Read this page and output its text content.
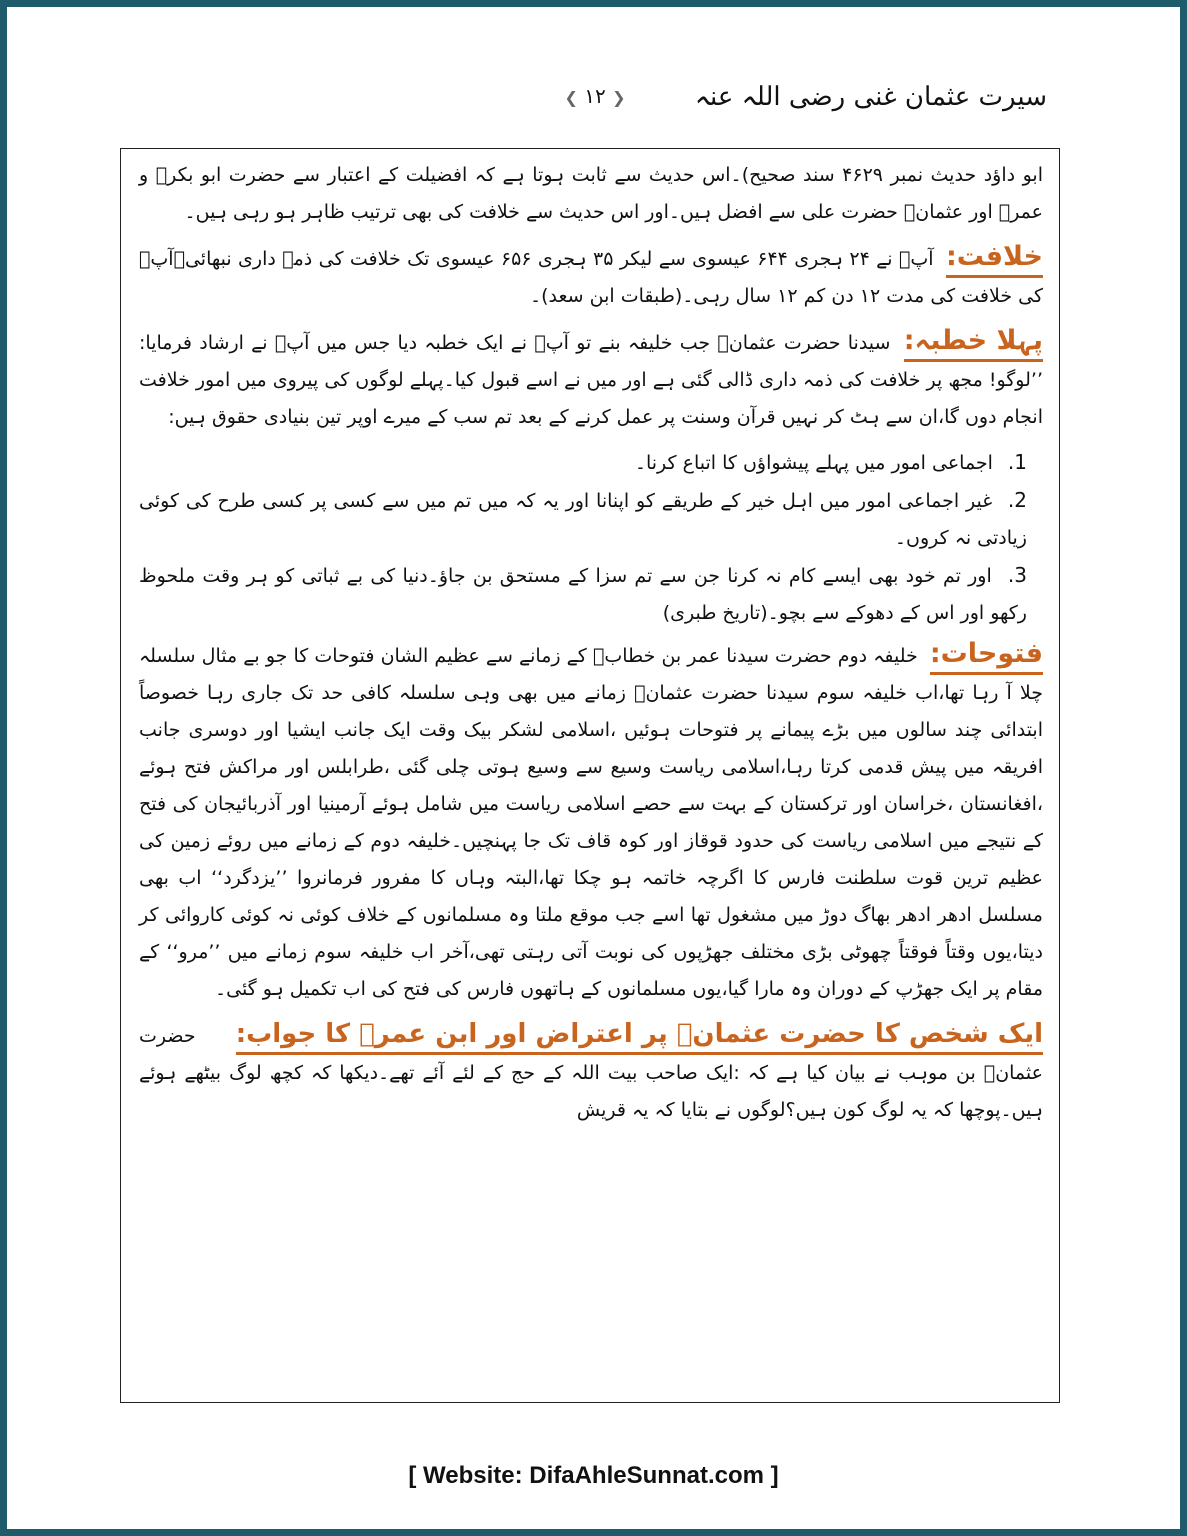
سیرت عثمان غنی رضی اللہ عنہ
❮ ۱۲ ❯

ابو داؤد حدیث نمبر ۴۶۲۹ سند صحیح)۔اس حدیث سے ثابت ہوتا ہے کہ افضیلت کے اعتبار سے حضرت ابو بکرؓ و عمرؓ اور عثمانؓ حضرت علی سے افضل ہیں۔اور اس حدیث سے خلافت کی بھی ترتیب ظاہر ہو رہی ہیں۔

خلافت: آپؓ نے ۲۴ ہجری ۶۴۴ عیسوی سے لیکر ۳۵ ہجری ۶۵۶ عیسوی تک خلافت کی ذمہ داری نبھائی۔آپؓ کی خلافت کی مدت ۱۲ دن کم ۱۲ سال رہی۔(طبقات ابن سعد)۔

پہلا خطبہ: سیدنا حضرت عثمانؓ جب خلیفہ بنے تو آپؓ نے ایک خطبہ دیا جس میں آپؓ نے ارشاد فرمایا: ’’لوگو! مجھ پر خلافت کی ذمہ داری ڈالی گئی ہے اور میں نے اسے قبول کیا۔پہلے لوگوں کی پیروی میں امور خلافت انجام دوں گا،ان سے ہٹ کر نہیں قرآن وسنت پر عمل کرنے کے بعد تم سب کے میرے اوپر تین بنیادی حقوق ہیں:

1. اجماعی امور میں پہلے پیشواؤں کا اتباع کرنا۔
2. غیر اجماعی امور میں اہل خیر کے طریقے کو اپنانا اور یہ کہ میں تم میں سے کسی پر کسی طرح کی کوئی زیادتی نہ کروں۔
3. اور تم خود بھی ایسے کام نہ کرنا جن سے تم سزا کے مستحق بن جاؤ۔دنیا کی بے ثباتی کو ہر وقت ملحوظ رکھو اور اس کے دھوکے سے بچو۔(تاریخ طبری)

فتوحات: خلیفہ دوم حضرت سیدنا عمر بن خطابؓ کے زمانے سے عظیم الشان فتوحات کا جو بے مثال سلسلہ چلا آ رہا تھا،اب خلیفہ سوم سیدنا حضرت عثمانؓ زمانے میں بھی وہی سلسلہ کافی حد تک جاری رہا خصوصاً ابتدائی چند سالوں میں بڑے پیمانے پر فتوحات ہوئیں ،اسلامی لشکر بیک وقت ایک جانب ایشیا اور دوسری جانب افریقہ میں پیش قدمی کرتا رہا،اسلامی ریاست وسیع سے وسیع ہوتی چلی گئی ،طرابلس اور مراکش فتح ہوئے ،افغانستان ،خراسان اور ترکستان کے بہت سے حصے اسلامی ریاست میں شامل ہوئے آرمینیا اور آذربائیجان کی فتح کے نتیجے میں اسلامی ریاست کی حدود قوقاز اور کوہ قاف تک جا پہنچیں۔خلیفہ دوم کے زمانے میں روئے زمین کی عظیم ترین قوت سلطنت فارس کا اگرچہ خاتمہ ہو چکا تھا،البتہ وہاں کا مفرور فرمانروا ’’یزدگرد‘‘ اب بھی مسلسل ادھر ادھر بھاگ دوڑ میں مشغول تھا اسے جب موقع ملتا وہ مسلمانوں کے خلاف کوئی نہ کوئی کاروائی کر دیتا،یوں وقتاً فوقتاً چھوٹی بڑی مختلف جھڑپوں کی نوبت آتی رہتی تھی،آخر اب خلیفہ سوم زمانے میں ’’مرو‘‘ کے مقام پر ایک جھڑپ کے دوران وہ مارا گیا،یوں مسلمانوں کے ہاتھوں فارس کی فتح کی اب تکمیل ہو گئی۔

ایک شخص کا حضرت عثمانؓ پر اعتراض اور ابن عمرؓ کا جواب: حضرت عثمانؓ بن موہب نے بیان کیا ہے کہ :ایک صاحب بیت اللہ کے حج کے لئے آئے تھے۔دیکھا کہ کچھ لوگ بیٹھے ہوئے ہیں۔پوچھا کہ یہ لوگ کون ہیں؟لوگوں نے بتایا کہ یہ قریش

[ Website: DifaAhleSunnat.com ]
